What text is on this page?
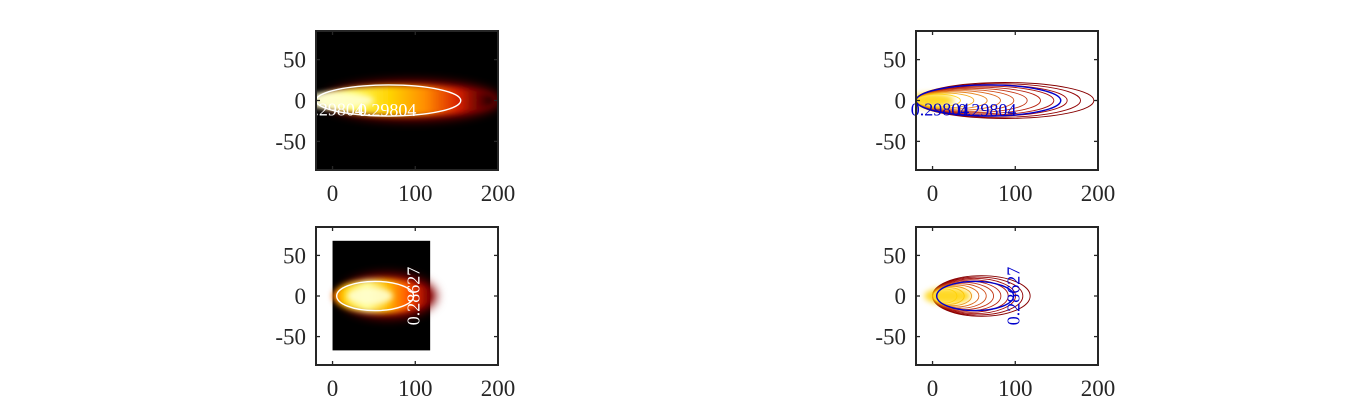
.29804
0.29804
0	100 200
50
0
-50
0.29804
0.29804
0	100 200
50
0
-50
0.28627
0	100 200
50
0
-50
0.28627
0	100 200
50
0
-50
